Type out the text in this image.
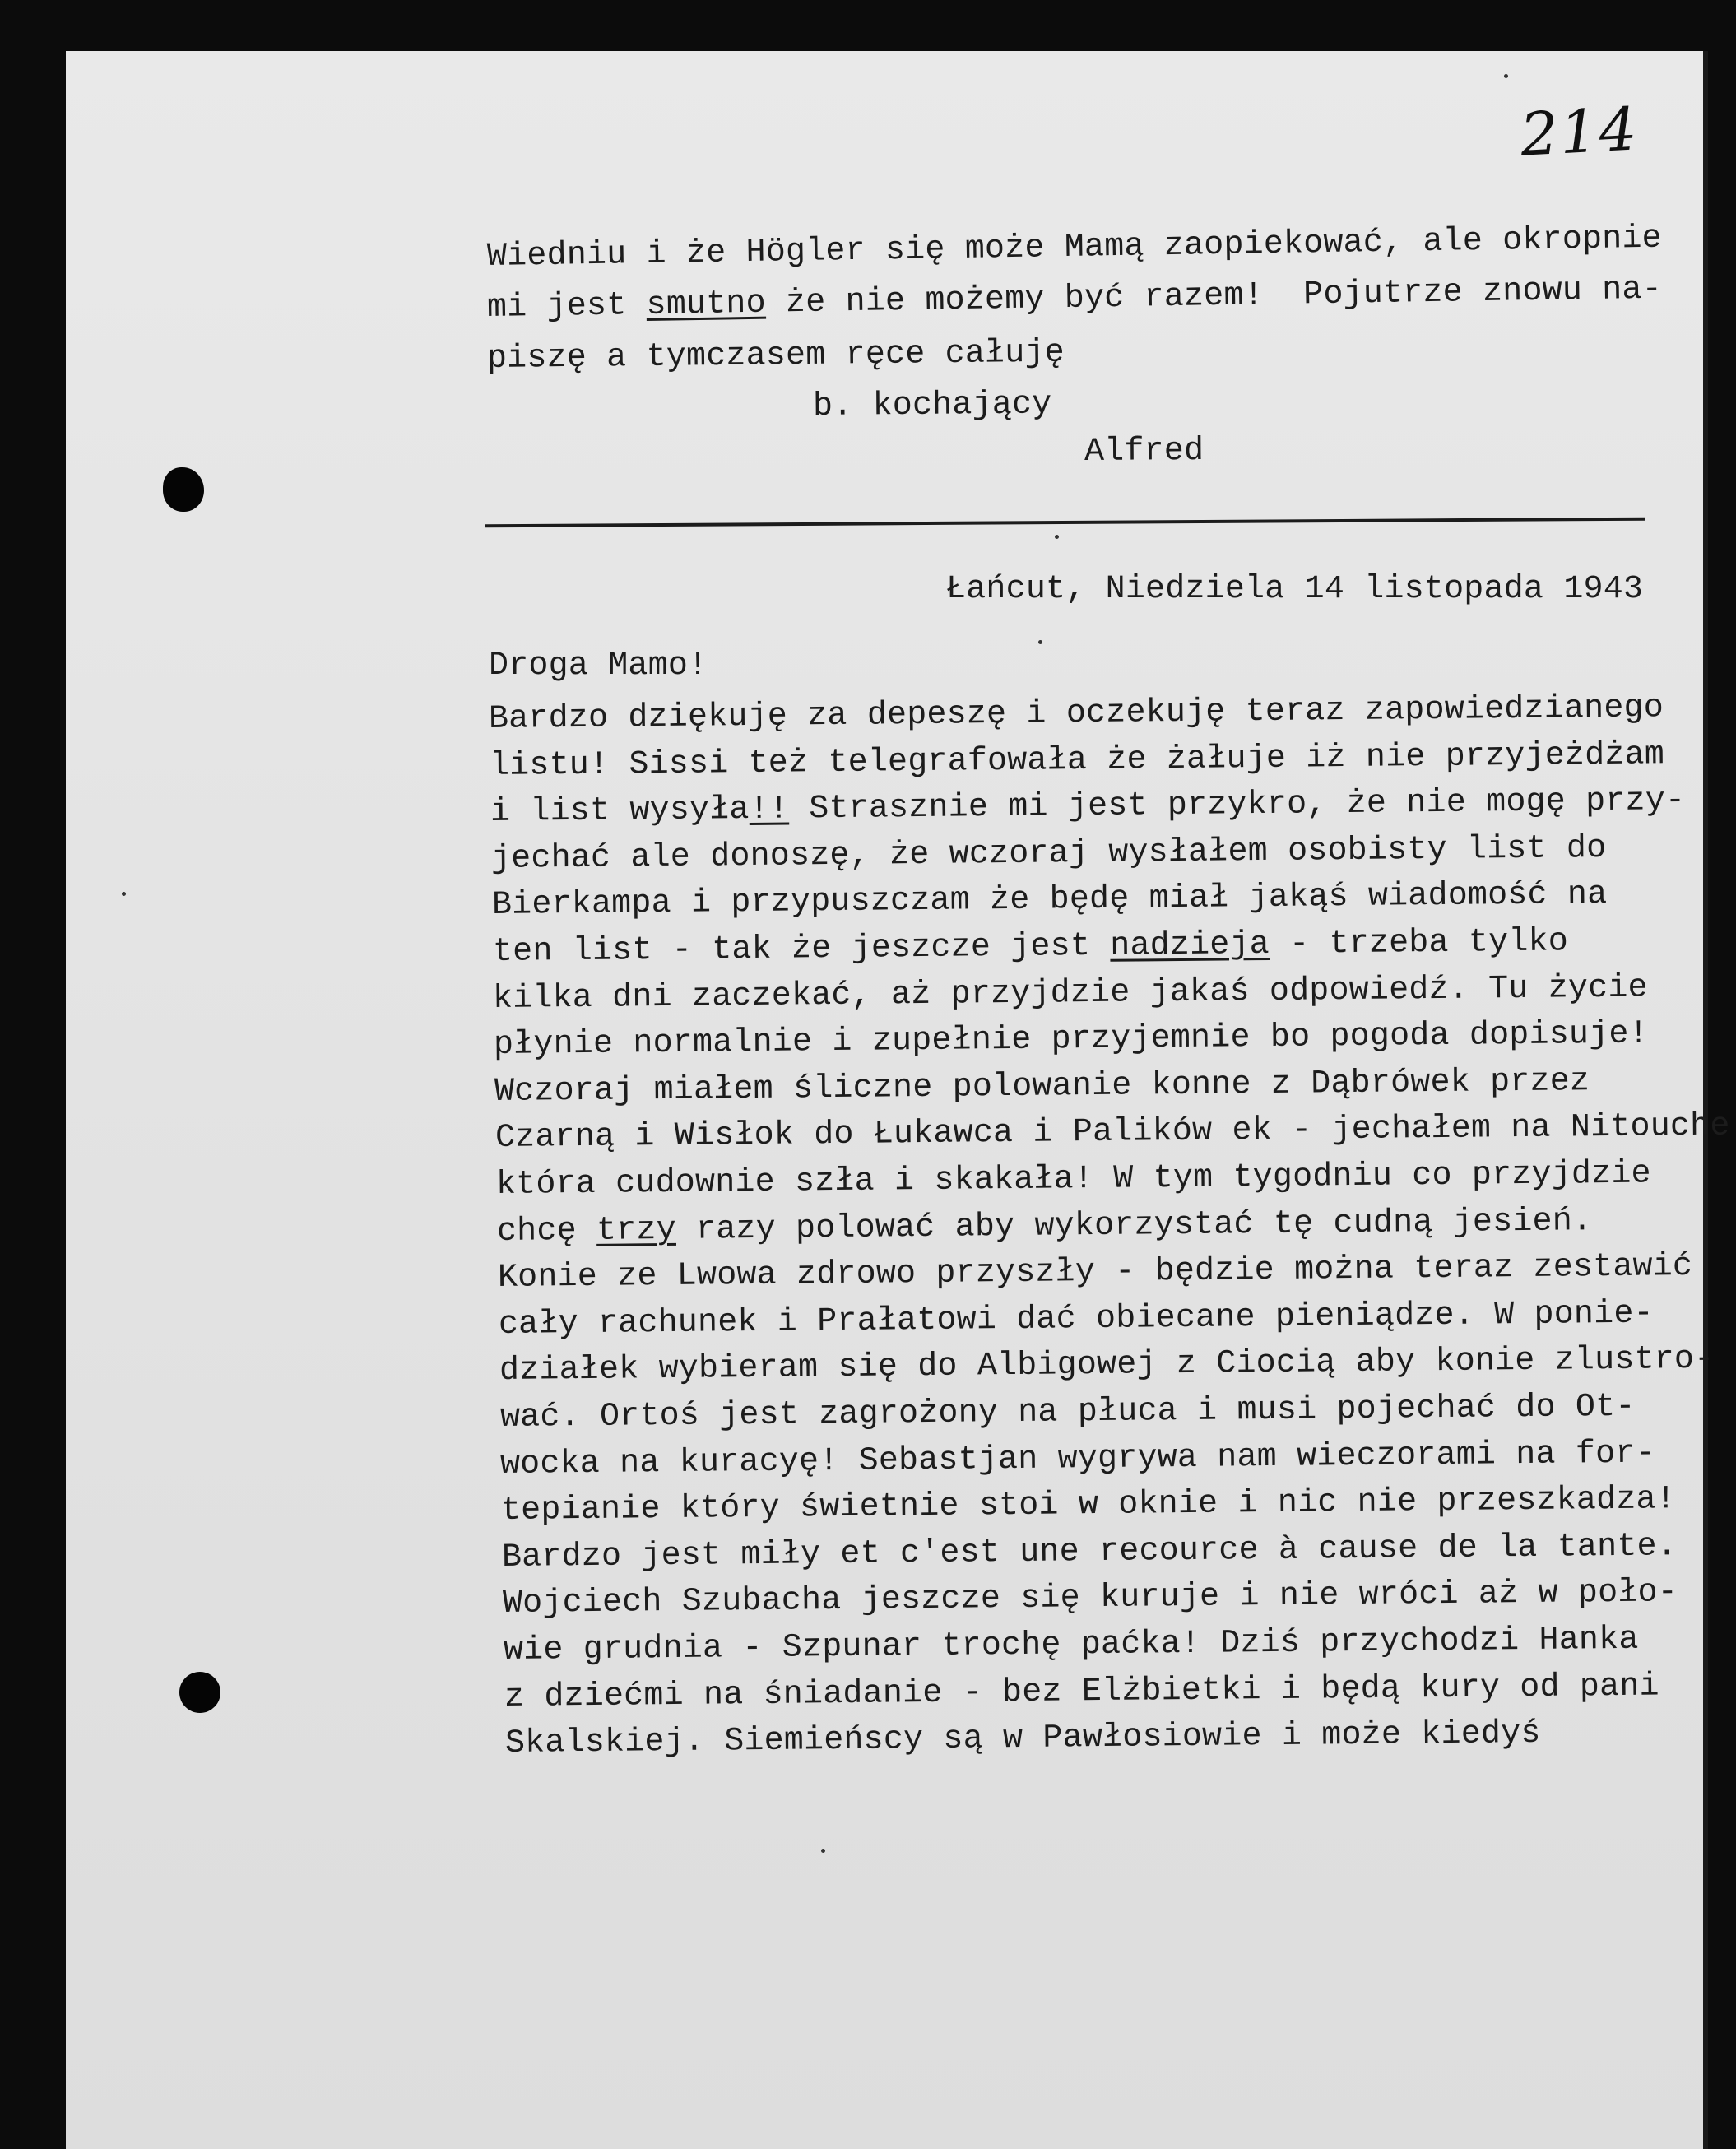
214
Wiedniu i że Högler się może Mamą zaopiekować, ale okropnie
mi jest smutno że nie możemy być razem!  Pojutrze znowu na-
piszę a tymczasem ręce całuję
b. kochający
Alfred
Łańcut, Niedziela 14 listopada 1943
Droga Mamo!
Bardzo dziękuję za depeszę i oczekuję teraz zapowiedzianego
listu! Sissi też telegrafowała że żałuje iż nie przyjeżdżam
i list wysyła!! Strasznie mi jest przykro, że nie mogę przy-
jechać ale donoszę, że wczoraj wysłałem osobisty list do
Bierkampa i przypuszczam że będę miał jakąś wiadomość na
ten list - tak że jeszcze jest nadzieja - trzeba tylko
kilka dni zaczekać, aż przyjdzie jakaś odpowiedź. Tu życie
płynie normalnie i zupełnie przyjemnie bo pogoda dopisuje!
Wczoraj miałem śliczne polowanie konne z Dąbrówek przez
Czarną i Wisłok do Łukawca i Palików ek - jechałem na Nitouche
która cudownie szła i skakała! W tym tygodniu co przyjdzie
chcę trzy razy polować aby wykorzystać tę cudną jesień.
Konie ze Lwowa zdrowo przyszły - będzie można teraz zestawić
cały rachunek i Prałatowi dać obiecane pieniądze. W ponie-
działek wybieram się do Albigowej z Ciocią aby konie zlustro-
wać. Ortoś jest zagrożony na płuca i musi pojechać do Ot-
wocka na kuracyę! Sebastjan wygrywa nam wieczorami na for-
tepianie który świetnie stoi w oknie i nic nie przeszkadza!
Bardzo jest miły et c'est une recource à cause de la tante.
Wojciech Szubacha jeszcze się kuruje i nie wróci aż w poło-
wie grudnia - Szpunar trochę paćka! Dziś przychodzi Hanka
z dziećmi na śniadanie - bez Elżbietki i będą kury od pani
Skalskiej. Siemieńscy są w Pawłosiowie i może kiedyś
